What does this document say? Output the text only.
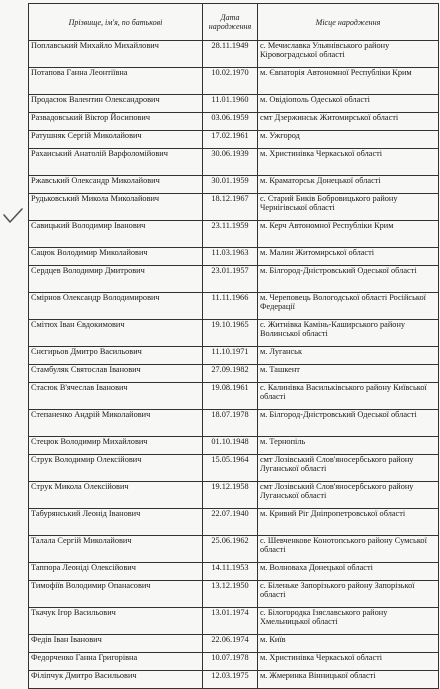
Прізвище, ім'я, по батькові	Дата народження	Місце народження
Поплавський Михайло Михайлович	28.11.1949	с. Мечиславка Ульянівського району Кіровоградської області
Потапова Ганна Леонтіївна	10.02.1970	м. Євпаторія Автономної Республіки Крим
Продасюк Валентин Олександрович	11.01.1960	м. Овідіополь Одеської області
Развадовський Віктор Йосипович	03.06.1959	смт Дзержинськ Житомирської області
Ратушняк Сергій Миколайович	17.02.1961	м. Ужгород
Рахаиський Анатолій Варфоломійович	30.06.1939	м. Христинівка Черкаської області
Ржавський Олександр Миколайович	30.01.1959	м. Краматорськ Донецької області
Рудьковський Микола Миколайович	18.12.1967	с. Старий Биків Бобровицького району Чернігівської області
Савицький Володимир Іванович	23.11.1959	м. Керч Автономної Республіки Крим
Сацюк Володимир Миколайович	11.03.1963	м. Малин Житомирської області
Сердцев Володимир Дмитрович	23.01.1957	м. Білгород-Дністровський Одеської області
Смірнов Олександр Володимирович	11.11.1966	м. Череповець Вологодської області Російської Федерації
Смітюх Іван Євдокимович	19.10.1965	с. Житнівка Камінь-Каширського району Волинської області
Снєгирьов Дмитро Васильович	11.10.1971	м. Луганськ
Стамбуляк Святослав Іванович	27.09.1982	м. Ташкент
Стасюк В'ячеслав Іванович	19.08.1961	с. Калинівка Васильківського району Київської області
Степаненко Андрій Миколайович	18.07.1978	м. Білгород-Дністровський Одеської області
Стецюк Володимир Михайлович	01.10.1948	м. Тернопіль
Струк Володимир Олексійович	15.05.1964	смт Лозівський Слов'яносербського району Луганської області
Струк Микола Олексійович	19.12.1958	смт Лозівський Слов'яносербського району Луганської області
Табурянський Леонід Іванович	22.07.1940	м. Кривий Ріг Дніпропетровської області
Талала Сергій Миколайович	25.06.1962	с. Шевченкове Конотопського району Сумської області
Таппора Леоніді Олексійович	14.11.1953	м. Волноваха Донецької області
Тимофіїв Володимир Опанасович	13.12.1950	с. Біленьке Запорізького району Запорізької області
Ткачук Ігор Васильович	13.01.1974	с. Білогородка Ізяславського району Хмельницької області
Федів Іван Іванович	22.06.1974	м. Київ
Федорченко Ганна Григорівна	10.07.1978	м. Христинівка Черкаської області
Філіпчук Дмитро Васильович	12.03.1975	м. Жмеринка Вінницької області
